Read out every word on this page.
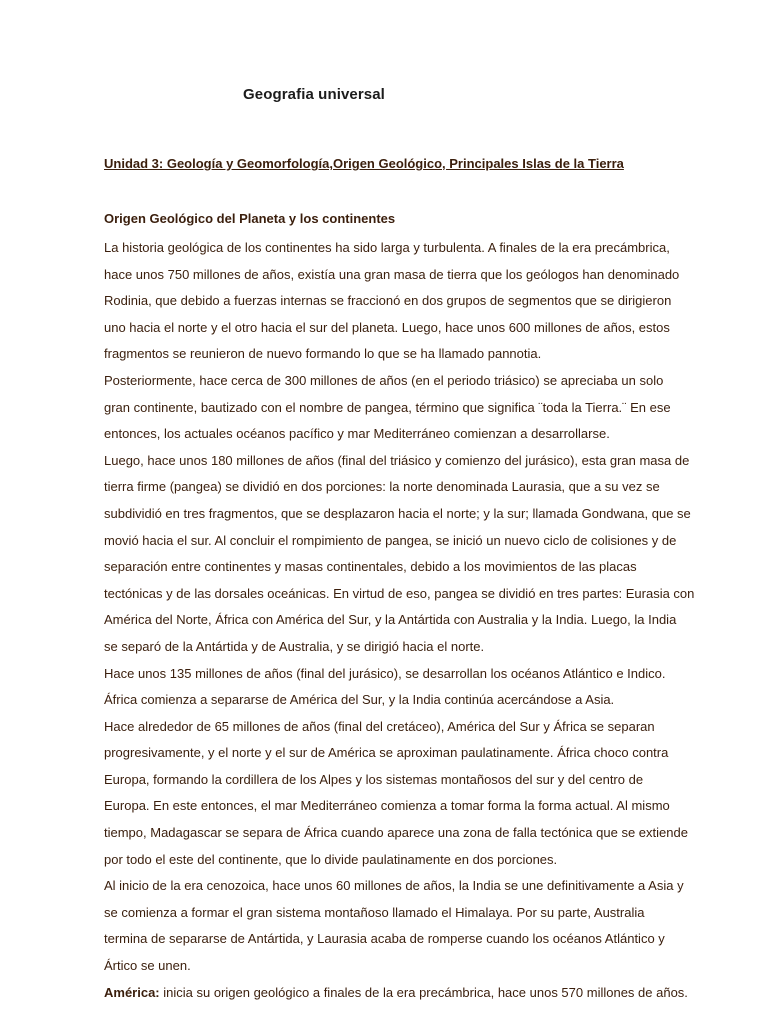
Geografia universal
Unidad 3: Geología y Geomorfología,Origen Geológico, Principales Islas de la Tierra
Origen Geológico del Planeta y los continentes
La historia geológica de los continentes ha sido larga y turbulenta. A finales de la era precámbrica,
hace unos 750 millones de años, existía una gran masa de tierra que los geólogos han denominado
Rodinia, que debido a fuerzas internas se fraccionó en dos grupos de segmentos que se dirigieron
uno hacia el norte y el otro hacia el sur del planeta. Luego, hace unos 600 millones de años, estos
fragmentos se reunieron de nuevo formando lo que se ha llamado pannotia.
Posteriormente, hace cerca de 300 millones de años (en el periodo triásico) se apreciaba un solo
gran continente, bautizado con el nombre de pangea, término que significa ¨toda la Tierra.¨ En ese
entonces, los actuales océanos pacífico y mar Mediterráneo comienzan a desarrollarse.
Luego, hace unos 180 millones de años (final del triásico y comienzo del jurásico), esta gran masa de
tierra firme (pangea) se dividió en dos porciones: la norte denominada Laurasia, que a su vez se
subdividió en tres fragmentos, que se desplazaron hacia el norte; y la sur; llamada Gondwana, que se
movió hacia el sur. Al concluir el rompimiento de pangea, se inició un nuevo ciclo de colisiones y de
separación entre continentes y masas continentales, debido a los movimientos de las placas
tectónicas y de las dorsales oceánicas. En virtud de eso, pangea se dividió en tres partes: Eurasia con
América del Norte, África con América del Sur, y la Antártida con Australia y la India. Luego, la India
se separó de la Antártida y de Australia, y se dirigió hacia el norte.
Hace unos 135 millones de años (final del jurásico), se desarrollan los océanos Atlántico e Indico.
África comienza a separarse de América del Sur, y la India continúa acercándose a Asia.
Hace alrededor de 65 millones de años (final del cretáceo), América del Sur y África se separan
progresivamente, y el norte y el sur de América se aproximan paulatinamente. África choco contra
Europa, formando la cordillera de los Alpes y los sistemas montañosos del sur y del centro de
Europa. En este entonces, el mar Mediterráneo comienza a tomar forma la forma actual. Al mismo
tiempo, Madagascar se separa de África cuando aparece una zona de falla tectónica que se extiende
por todo el este del continente, que lo divide paulatinamente en dos porciones.
Al inicio de la era cenozoica, hace unos 60 millones de años, la India se une definitivamente a Asia y
se comienza a formar el gran sistema montañoso llamado el Himalaya. Por su parte, Australia
termina de separarse de Antártida, y Laurasia acaba de romperse cuando los océanos Atlántico y
Ártico se unen.
América: inicia su origen geológico a finales de la era precámbrica, hace unos 570 millones de años.
